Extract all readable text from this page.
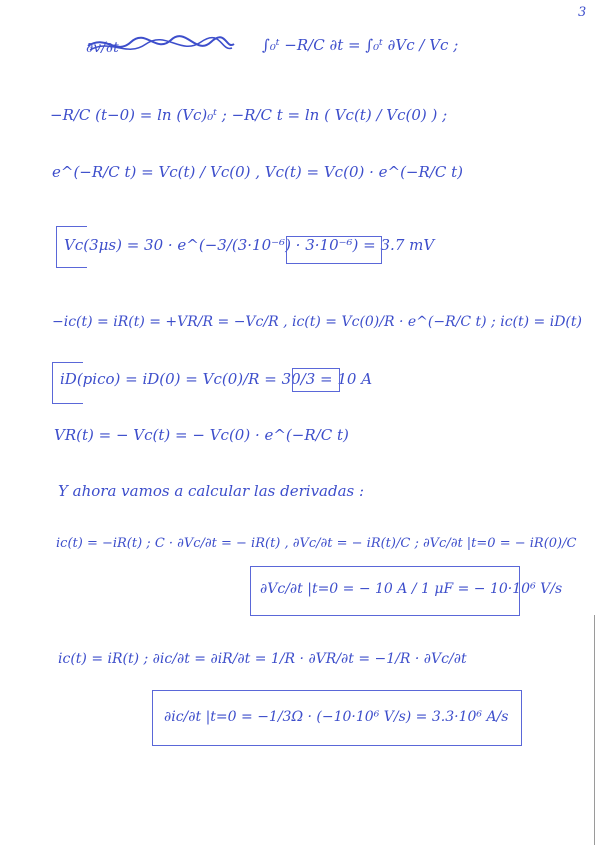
3
∂v/∂t	∫₀ᵗ −R/C ∂t = ∫₀ᵗ ∂Vc / Vc ;
−R/C (t−0) = ln (Vc)₀ᵗ ; −R/C t = ln ( Vc(t) / Vc(0) ) ;
e^(−R/C t) = Vc(t) / Vc(0) , Vc(t) = Vc(0) · e^(−R/C t)
Vc(3μs) = 30 · e^(−3/(3·10⁻⁶) · 3·10⁻⁶) = 3.7 mV
−ic(t) = iR(t) = +VR/R = −Vc/R , ic(t) = Vc(0)/R · e^(−R/C t) ; ic(t) = iD(t)
iD(pico) = iD(0) = Vc(0)/R = 30/3 = 10 A
VR(t) = − Vc(t) = − Vc(0) · e^(−R/C t)
Y ahora vamos a calcular las derivadas :
ic(t) = −iR(t) ; C · ∂Vc/∂t = − iR(t) , ∂Vc/∂t = − iR(t)/C ; ∂Vc/∂t |t=0 = − iR(0)/C
∂Vc/∂t |t=0 = − 10 A / 1 μF = − 10·10⁶ V/s
ic(t) = iR(t) ; ∂ic/∂t = ∂iR/∂t = 1/R · ∂VR/∂t = −1/R · ∂Vc/∂t
∂ic/∂t |t=0 = −1/3Ω · (−10·10⁶ V/s) = 3.3·10⁶ A/s
